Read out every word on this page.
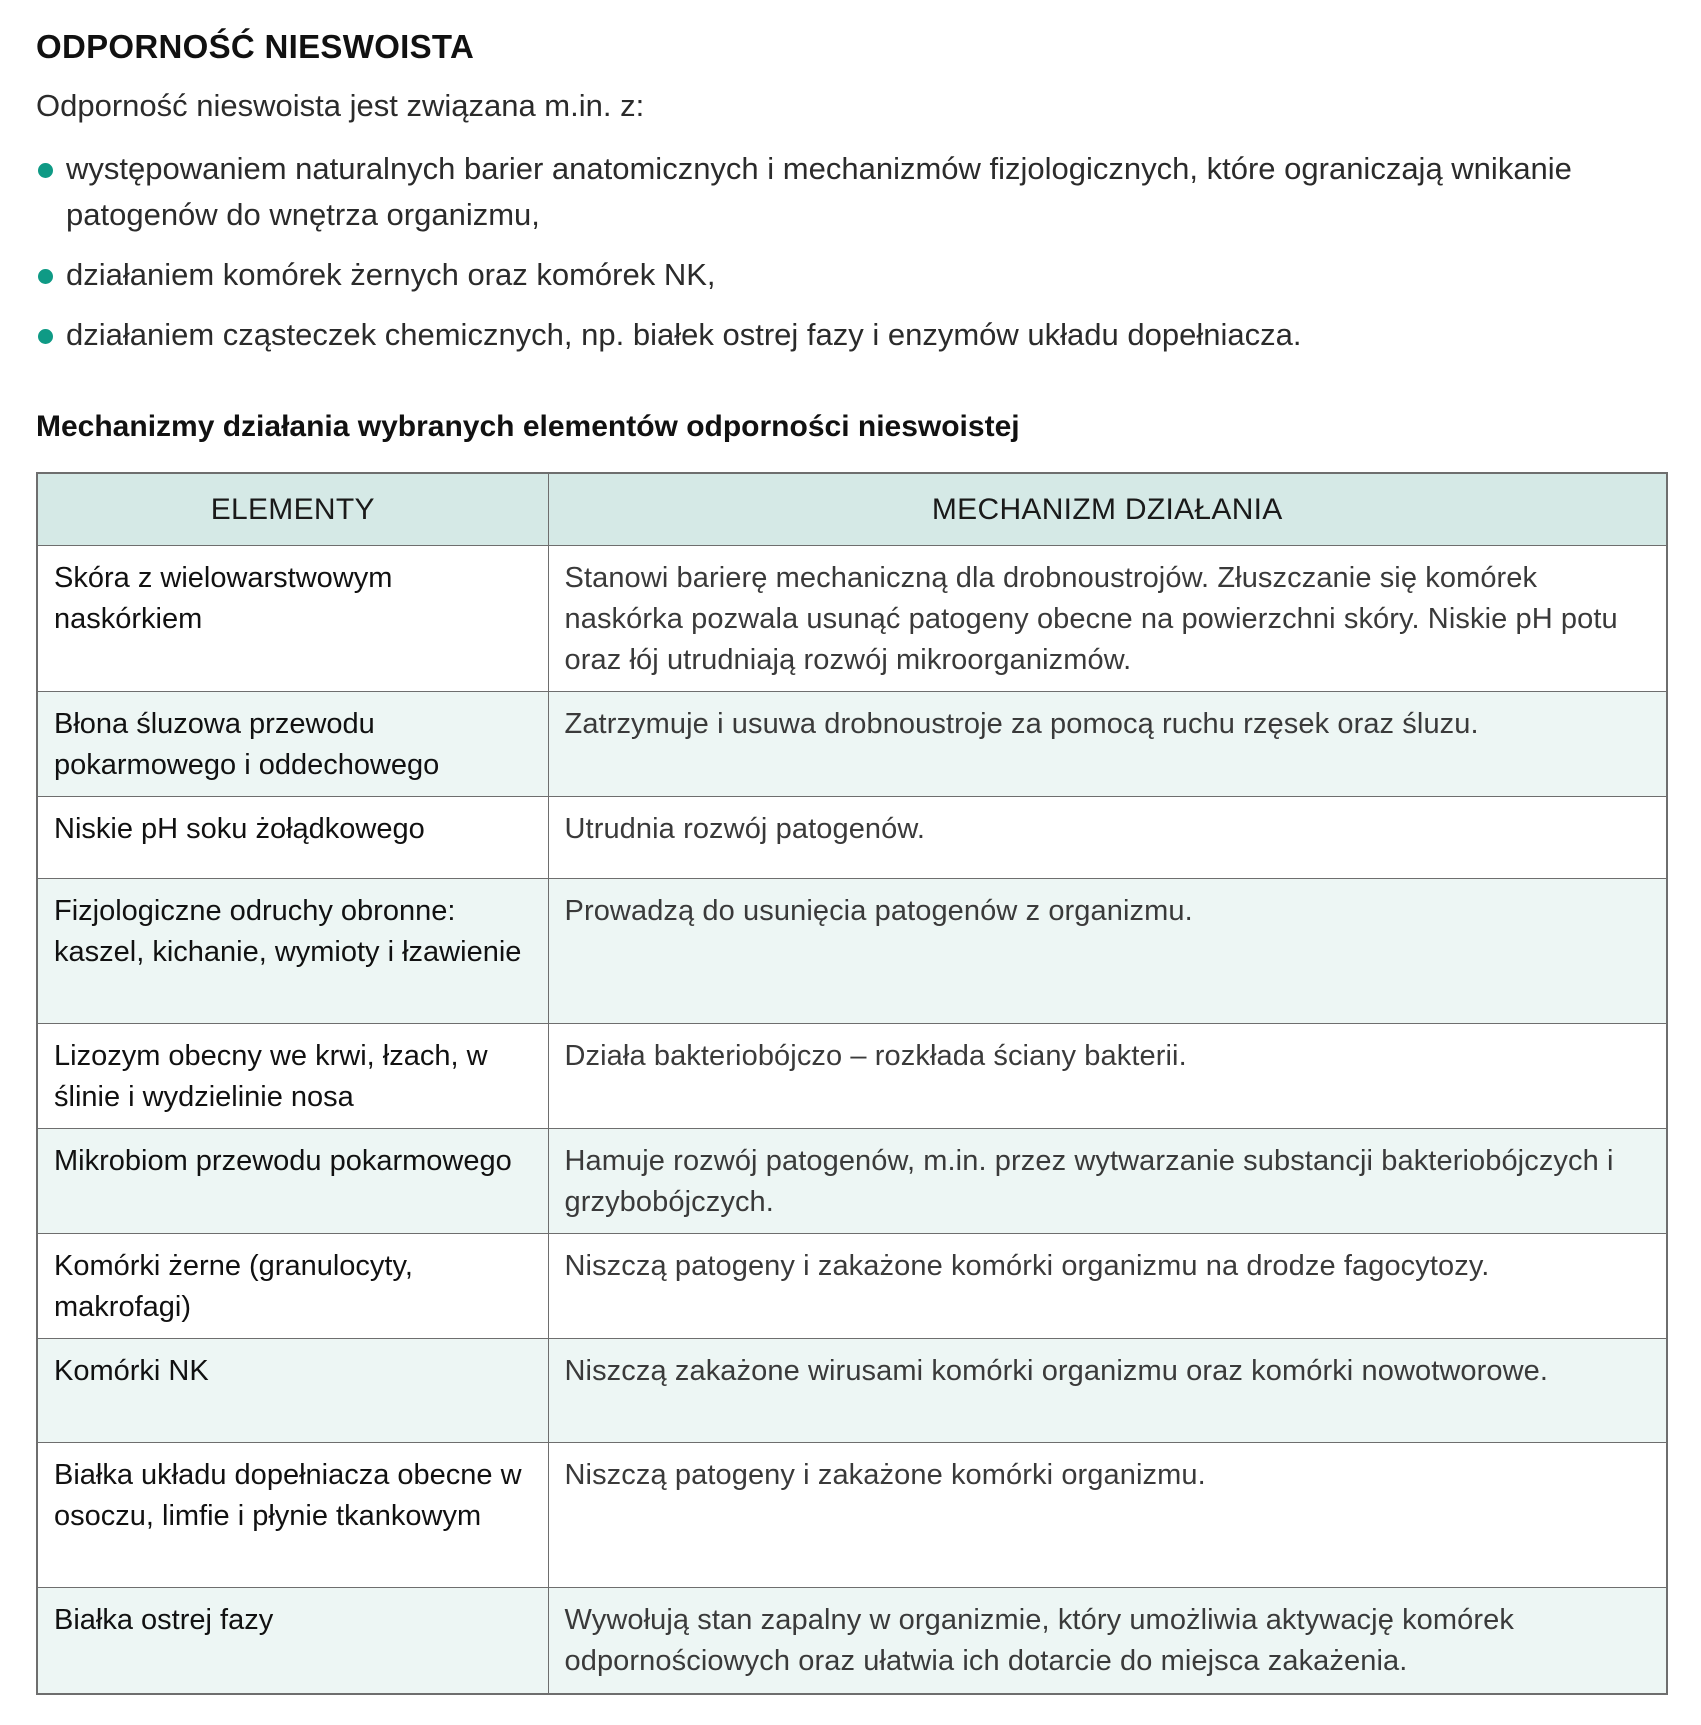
ODPORNOŚĆ NIESWOISTA

Odporność nieswoista jest związana m.in. z:

występowaniem naturalnych barier anatomicznych i mechanizmów fizjologicznych, które ograniczają wnikanie patogenów do wnętrza organizmu,
działaniem komórek żernych oraz komórek NK,
działaniem cząsteczek chemicznych, np. białek ostrej fazy i enzymów układu dopełniacza.
Mechanizmy działania wybranych elementów odporności nieswoistej
ELEMENTY	MECHANIZM DZIAŁANIA
Skóra z wielowarstwowym naskórkiem	Stanowi barierę mechaniczną dla drobnoustrojów. Złuszczanie się komórek naskórka pozwala usunąć patogeny obecne na powierzchni skóry. Niskie pH potu oraz łój utrudniają rozwój mikroorganizmów.
Błona śluzowa przewodu pokarmowego i oddechowego	Zatrzymuje i usuwa drobnoustroje za pomocą ruchu rzęsek oraz śluzu.
Niskie pH soku żołądkowego	Utrudnia rozwój patogenów.
Fizjologiczne odruchy obronne: kaszel, kichanie, wymioty i łzawienie	Prowadzą do usunięcia patogenów z organizmu.
Lizozym obecny we krwi, łzach, w ślinie i wydzielinie nosa	Działa bakteriobójczo – rozkłada ściany bakterii.
Mikrobiom przewodu pokarmowego	Hamuje rozwój patogenów, m.in. przez wytwarzanie substancji bakteriobójczych i grzybobójczych.
Komórki żerne (granulocyty, makrofagi)	Niszczą patogeny i zakażone komórki organizmu na drodze fagocytozy.
Komórki NK	Niszczą zakażone wirusami komórki organizmu oraz komórki nowotworowe.
Białka układu dopełniacza obecne w osoczu, limfie i płynie tkankowym	Niszczą patogeny i zakażone komórki organizmu.
Białka ostrej fazy	Wywołują stan zapalny w organizmie, który umożliwia aktywację komórek odpornościowych oraz ułatwia ich dotarcie do miejsca zakażenia.
